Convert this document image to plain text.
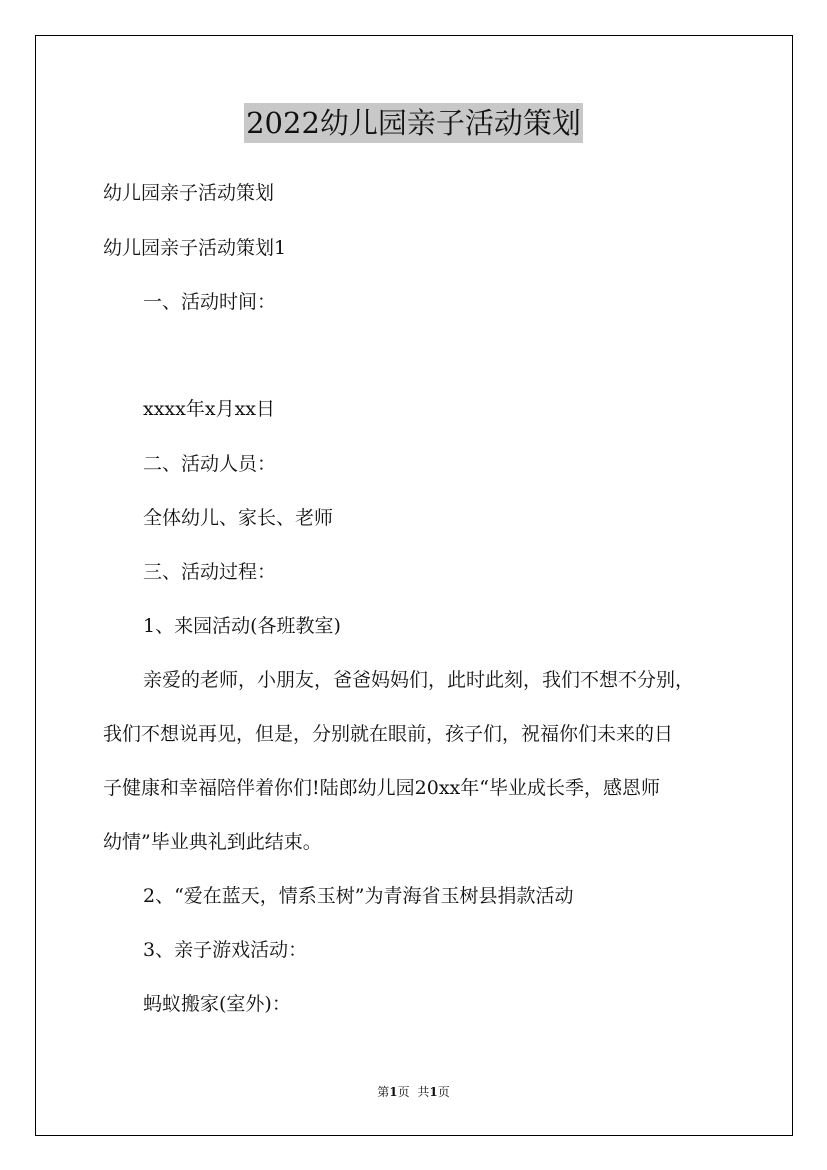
2022幼儿园亲子活动策划
幼儿园亲子活动策划
幼儿园亲子活动策划1
一、活动时间：
xxxx年x月xx日
二、活动人员：
全体幼儿、家长、老师
三、活动过程：
1、来园活动(各班教室)
亲爱的老师，小朋友，爸爸妈妈们，此时此刻，我们不想不分别，
我们不想说再见，但是，分别就在眼前，孩子们，祝福你们未来的日
子健康和幸福陪伴着你们!陆郎幼儿园20xx年“毕业成长季，感恩师
幼情”毕业典礼到此结束。
2、“爱在蓝天，情系玉树”为青海省玉树县捐款活动
3、亲子游戏活动：
蚂蚁搬家(室外)：
第1页 共1页
